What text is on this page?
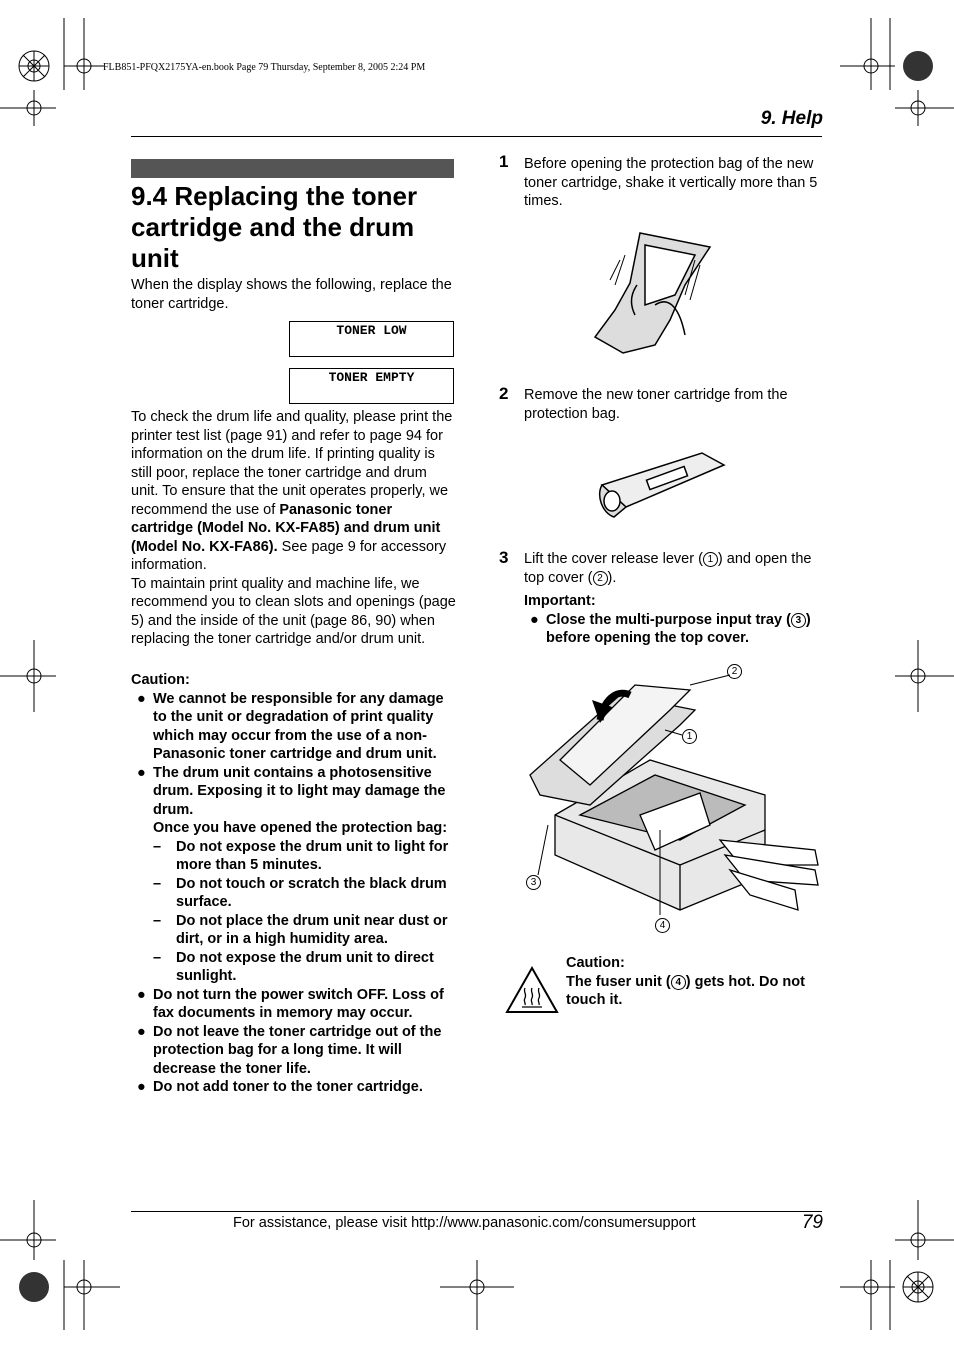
FLB851-PFQX2175YA-en.book Page 79 Thursday, September 8, 2005 2:24 PM
9. Help
9.4 Replacing the toner cartridge and the drum unit

When the display shows the following, replace the toner cartridge.

TONER LOW
TONER EMPTY

To check the drum life and quality, please print the printer test list (page 91) and refer to page 94 for information on the drum life. If printing quality is still poor, replace the toner cartridge and drum unit. To ensure that the unit operates properly, we recommend the use of Panasonic toner cartridge (Model No. KX-FA85) and drum unit (Model No. KX-FA86). See page 9 for accessory information.

To maintain print quality and machine life, we recommend you to clean slots and openings (page 5) and the inside of the unit (page 86, 90) when replacing the toner cartridge and/or drum unit.

Caution:
● We cannot be responsible for any damage to the unit or degradation of print quality which may occur from the use of a non-Panasonic toner cartridge and drum unit.
● The drum unit contains a photosensitive drum. Exposing it to light may damage the drum.
Once you have opened the protection bag:
– Do not expose the drum unit to light for more than 5 minutes.
– Do not touch or scratch the black drum surface.
– Do not place the drum unit near dust or dirt, or in a high humidity area.
– Do not expose the drum unit to direct sunlight.
● Do not turn the power switch OFF. Loss of fax documents in memory may occur.
● Do not leave the toner cartridge out of the protection bag for a long time. It will decrease the toner life.
● Do not add toner to the toner cartridge.
1 Before opening the protection bag of the new toner cartridge, shake it vertically more than 5 times.
2 Remove the new toner cartridge from the protection bag.
3 Lift the cover release lever ( 1 ) and open the top cover ( 2 ).
Important:
● Close the multi-purpose input tray ( 3 ) before opening the top cover.
2
1
3
4
Caution:
The fuser unit ( 4 ) gets hot. Do not touch it.
For assistance, please visit http://www.panasonic.com/consumersupport	79
